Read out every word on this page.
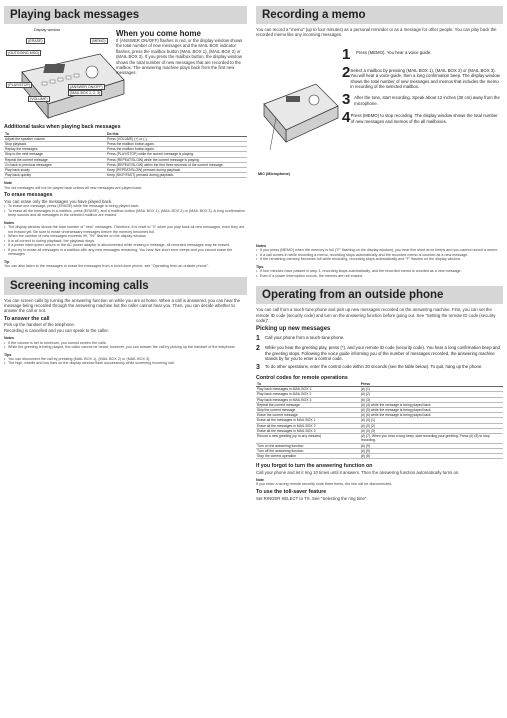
Playing back messages
Display window
(ERASE)	(MEMO)
(OUTGOING MSG)
(PLAY/STOP)
(VOLUME)
(ANSWER ON/OFF)
(MAIL BOX 1, 2, 3)
When you come home
If (ANSWER ON/OFF) flashes in red, or the display window shows the total number of new messages and the MAIL BOX indicator flashes, press the mailbox button (MAIL BOX 1), (MAIL BOX 2) or (MAIL BOX 3). If you press the mailbox button, the display window shows the total number of new messages that are recorded to the mailbox. The answering machine plays back from the first new messages.
Additional tasks when playing back messages
To	Do this
Adjust the speaker volume	Press (VOLUME) (+) or (-).
Stop playback	Press the mailbox button again.
Replay the messages	Press the mailbox button again.
Skip to the next message	Press (PLAY/STOP) while the current message is playing.
Repeat the current message	Press (REPEAT/SLOW) while the current message is playing.
Go back to previous messages	Press (REPEAT/SLOW) within the first three seconds of the current message.
Play back slowly	Keep (REPEAT/SLOW) pressed during playback.
Play back quickly	Keep (SKIP/FAST) pressed during playback.
Note
The old messages will not be played back unless all new messages are played back.
To erase messages
You can erase only the messages you have played back.
• To erase one message, press (ERASE) while the message is being played back.
• To erase all the messages in a mailbox, press (ERASE), and a mailbox button (MAIL BOX 1), (MAIL BOX 2) or (MAIL BOX 3). A long confirmation beep sounds and all messages in the selected mailbox are erased.
Notes
• The display window shows the total number of "new" messages. Therefore, it is reset to "0" when you play back all new messages, even they are not erased yet. Be sure to erase unnecessary messages before the memory becomes full.
• When the number of new messages exceeds 99, "99" flashes on the display window.
• It is all correct in during playback, the playback stops.
• If a power interruption occurs or the AC power adaptor is disconnected while erasing a message, all recorded messages may be erased.
• If you try to erase all messages in a mailbox with any new messages remaining, You hear five short error beeps and you cannot erase the messages.
Tip
You can also listen to the messages or erase the messages from a touch-tone phone, see "Operating from an outside phone".
Screening incoming calls
You can screen calls by turning the answering function on while you are at home. When a call is answered, you can hear the message being recorded through the answering machine but the caller cannot hear you. Then, you can decide whether to answer the call or not.
To answer the call
Pick up the handset of the telephone.
Recording is cancelled and you can speak to the caller.
Notes
• If the volume is set to minimum, you cannot screen the calls.
• While the greeting is being played, the caller cannot be heard; however, you can answer the call by picking up the handset of the telephone.
Tips
• You can disconnect the call by pressing (MAIL BOX 1), (MAIL BOX 2) or (MAIL BOX 3).
• The high, middle and low bars on the display window flash successively while screening incoming call.
Recording a memo
You can record a "memo" (up to four minutes) as a personal reminder or as a message for other people. You can play back the recorded memo like any incoming messages.
MIC (Microphone)
1	Press (MEMO). You hear a voice guide.
2 Select a mailbox by pressing (MAIL BOX 1), (MAIL BOX 2) or (MAIL BOX 3). You will hear a voice guide, then a long confirmation beep. The display window shows the total number of new messages and memos that includes the memo in recording of the selected mailbox.
3 After the tone, start recording. Speak about 12 inches (30 cm) away from the microphone.
4 Press (MEMO) to stop recording. The display window shows the total number of new messages and memos of the all mailboxes.
Notes
• If you press (MEMO) when the memory is full ("F" flashing on the display window), you hear five short error beeps and you cannot record a memo.
• If a call comes in while recording a memo, recording stops automatically and the recorded memo is counted as a new message.
• If the remaining memory becomes full while recording, recording stops automatically and "F" flashes on the display window.
Tips
• If four minutes have passed in step 3, recording stops automatically, and the recorded memo is counted as a new message.
• Even if a power interruption occurs, the memos are not erased.
Operating from an outside phone
You can call from a touch-tone phone and pick up new messages recorded on the answering machine. First, you can set the remote ID code (security code) and turn on the answering function before going out. See "Setting the remote ID code (security code)".
Picking up new messages
1	Call your phone from a touch-tone phone.
2	While you hear the greeting play, press (*), and your remote ID code (security code). You hear a long confirmation beep and the greeting stops. Following the voice guide informing you of the number of messages recorded, the answering machine stands by for you to enter a control code.
3	To do other operations, enter the control code within 20 seconds (see the table below). To quit, hang up the phone.
Control codes for remote operations
To	Press
Play back messages in MAIL BOX 1	(#) (1)
Play back messages in MAIL BOX 2	(#) (2)
Play back messages in MAIL BOX 3	(#) (3)
Repeat the current message	(#) (4) while the message is being played back
Skip the current message	(#) (5) while the message is being played back
Erase the current message	(#) (6) while the message is being played back
Erase all the messages in MAIL BOX 1	(#) (0) (1)
Erase all the messages in MAIL BOX 2	(#) (0) (2)
Erase all the messages in MAIL BOX 3	(#) (0) (3)
Record a new greeting (up to any minutes)	(#) (7). When you hear a long beep, start recording your greeting. Press (#) (8) to stop recording.
Turn on the answering function	(#) (9)
Turn off the answering function	(#) (9)
Stop the current operation	(#) (8)
If you forgot to turn the answering function on
Call your phone and let it ring 10 times until it answers. Then the answering function automatically turns on.
Note
If you enter a wrong remote security code three times, the line will be disconnected.
To use the toll-saver feature
Set RINGER SELECT to TS. See "Selecting the ring time".
